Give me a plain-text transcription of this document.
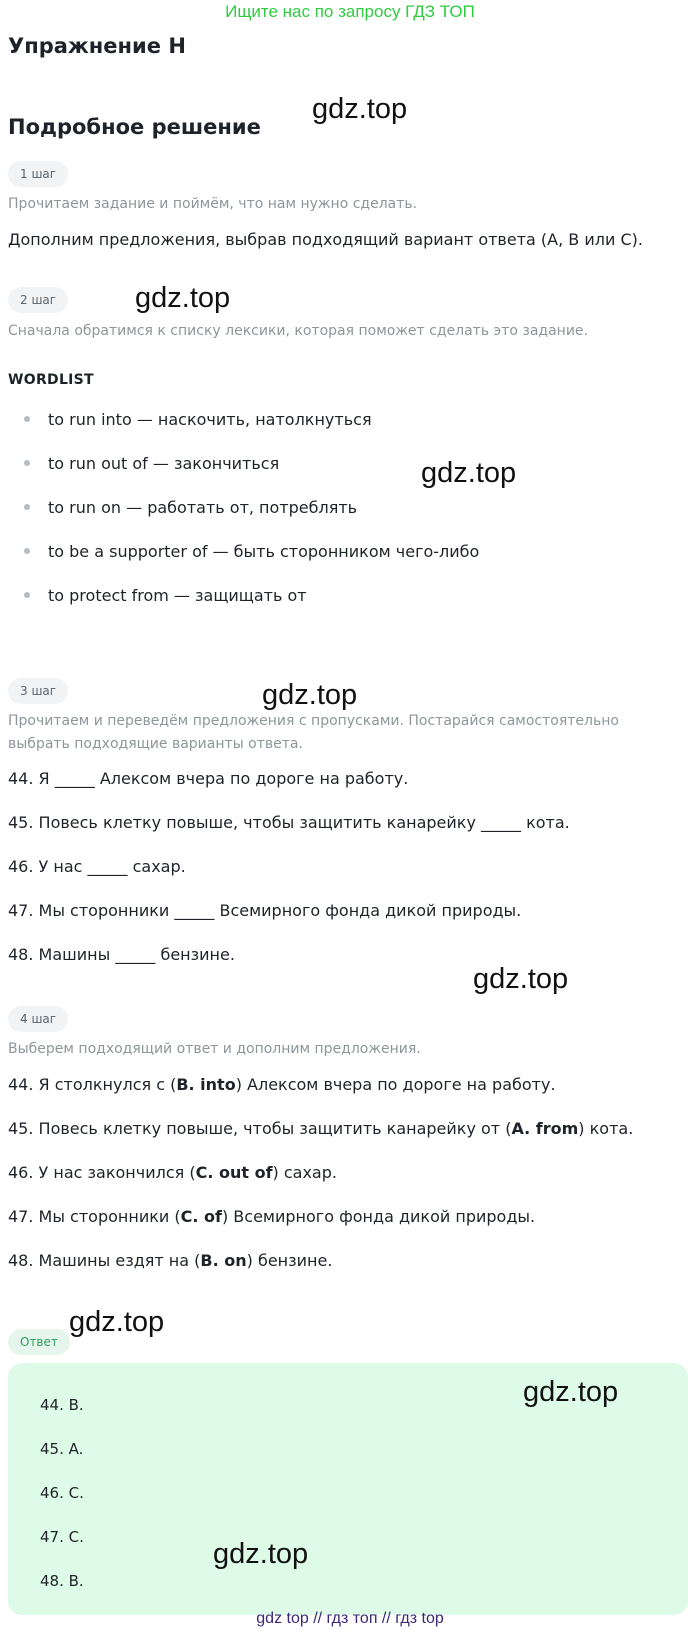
Ищите нас по запросу ГДЗ ТОП
Упражнение H
Подробное решение
1 шаг
Прочитаем задание и поймём, что нам нужно сделать.
Дополним предложения, выбрав подходящий вариант ответа (A, B или C).
2 шаг
Сначала обратимся к списку лексики, которая поможет сделать это задание.
WORDLIST
to run into — наскочить, натолкнуться
to run out of — закончиться
to run on — работать от, потреблять
to be a supporter of — быть сторонником чего-либо
to protect from — защищать от
3 шаг
Прочитаем и переведём предложения с пропусками. Постарайся самостоятельно выбрать подходящие варианты ответа.
44. Я _____ Алексом вчера по дороге на работу.
45. Повесь клетку повыше, чтобы защитить канарейку _____ кота.
46. У нас _____ сахар.
47. Мы сторонники _____ Всемирного фонда дикой природы.
48. Машины _____ бензине.
4 шаг
Выберем подходящий ответ и дополним предложения.
44. Я столкнулся с (B. into) Алексом вчера по дороге на работу.
45. Повесь клетку повыше, чтобы защитить канарейку от (A. from) кота.
46. У нас закончился (C. out of) сахар.
47. Мы сторонники (C. of) Всемирного фонда дикой природы.
48. Машины ездят на (B. on) бензине.
Ответ
44. B.
45. A.
46. C.
47. C.
48. B.
gdz.top
gdz.top
gdz.top
gdz.top
gdz.top
gdz.top
gdz.top
gdz.top
gdz top // гдз топ // гдз top
